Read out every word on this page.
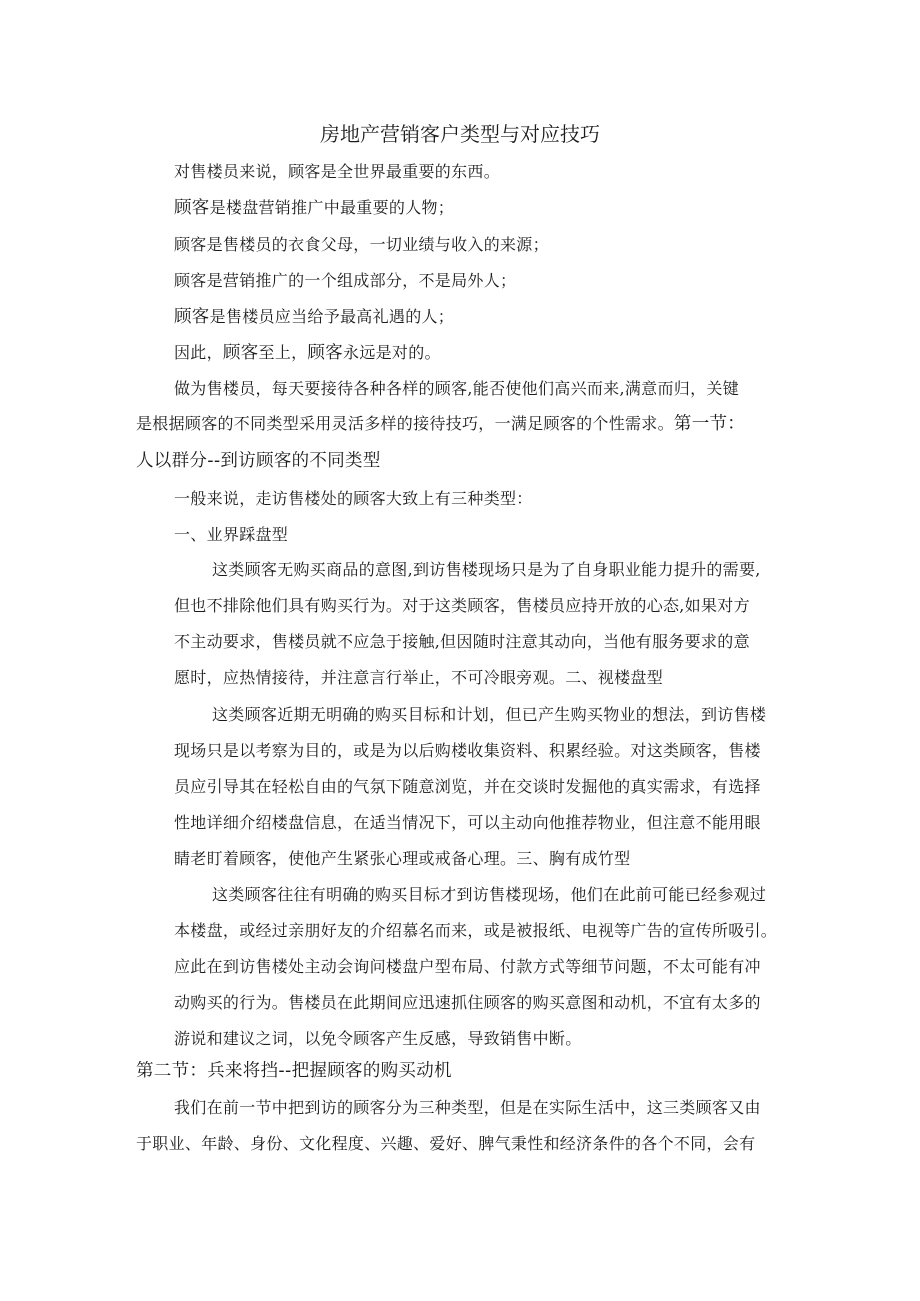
房地产营销客户类型与对应技巧

对售楼员来说，顾客是全世界最重要的东西。

顾客是楼盘营销推广中最重要的人物；

顾客是售楼员的衣食父母，一切业绩与收入的来源；

顾客是营销推广的一个组成部分，不是局外人；

顾客是售楼员应当给予最高礼遇的人；

因此，顾客至上，顾客永远是对的。

做为售楼员，每天要接待各种各样的顾客,能否使他们高兴而来,满意而归，关键

是根据顾客的不同类型采用灵活多样的接待技巧，一满足顾客的个性需求。第一节：

人以群分--到访顾客的不同类型

一般来说，走访售楼处的顾客大致上有三种类型：

一、业界踩盘型

这类顾客无购买商品的意图,到访售楼现场只是为了自身职业能力提升的需要,

但也不排除他们具有购买行为。对于这类顾客，售楼员应持开放的心态,如果对方

不主动要求，售楼员就不应急于接触,但因随时注意其动向，当他有服务要求的意

愿时，应热情接待，并注意言行举止，不可冷眼旁观。二、视楼盘型

这类顾客近期无明确的购买目标和计划，但已产生购买物业的想法，到访售楼

现场只是以考察为目的，或是为以后购楼收集资料、积累经验。对这类顾客，售楼

员应引导其在轻松自由的气氛下随意浏览，并在交谈时发掘他的真实需求，有选择

性地详细介绍楼盘信息，在适当情况下，可以主动向他推荐物业，但注意不能用眼

睛老盯着顾客，使他产生紧张心理或戒备心理。三、胸有成竹型

这类顾客往往有明确的购买目标才到访售楼现场，他们在此前可能已经参观过

本楼盘，或经过亲朋好友的介绍慕名而来，或是被报纸、电视等广告的宣传所吸引。

应此在到访售楼处主动会询问楼盘户型布局、付款方式等细节问题，不太可能有冲

动购买的行为。售楼员在此期间应迅速抓住顾客的购买意图和动机，不宜有太多的

游说和建议之词，以免令顾客产生反感，导致销售中断。

第二节：兵来将挡--把握顾客的购买动机

我们在前一节中把到访的顾客分为三种类型，但是在实际生活中，这三类顾客又由

于职业、年龄、身份、文化程度、兴趣、爱好、脾气秉性和经济条件的各个不同，会有
